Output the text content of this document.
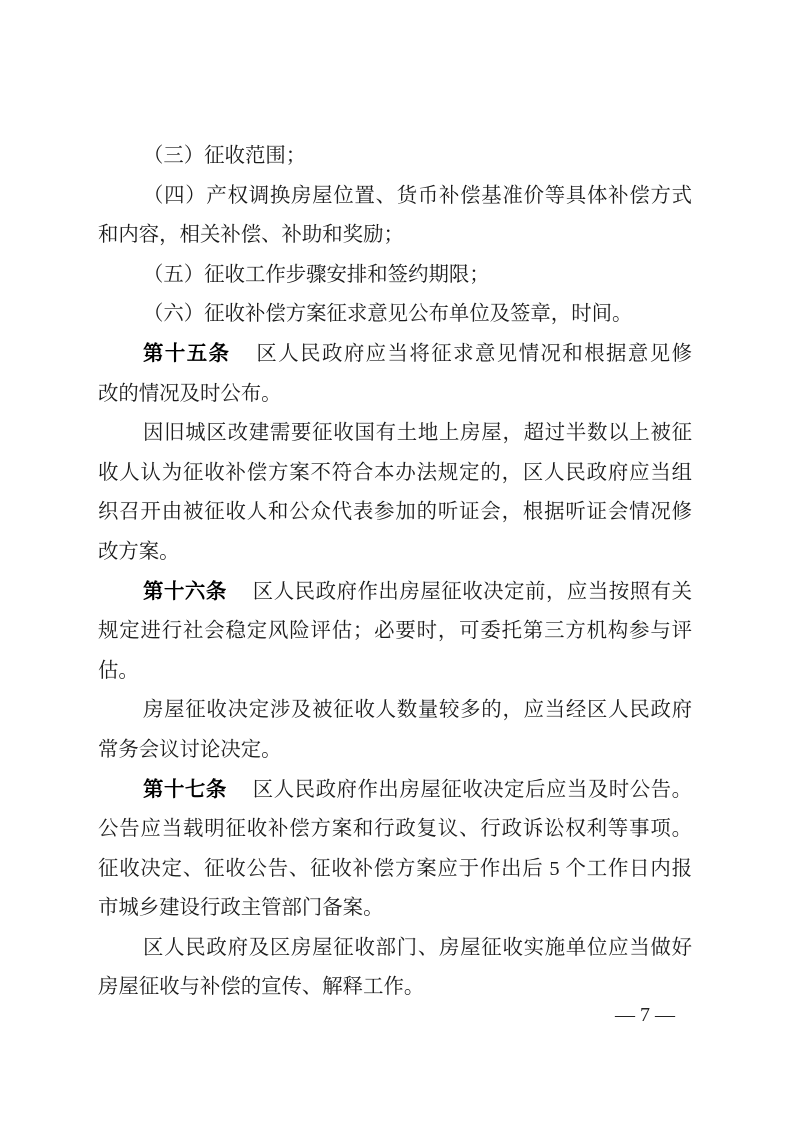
（三）征收范围；
（四）产权调换房屋位置、货币补偿基准价等具体补偿方式
和内容，相关补偿、补助和奖励；
（五）征收工作步骤安排和签约期限；
（六）征收补偿方案征求意见公布单位及签章，时间。
第十五条 区人民政府应当将征求意见情况和根据意见修
改的情况及时公布。
因旧城区改建需要征收国有土地上房屋，超过半数以上被征
收人认为征收补偿方案不符合本办法规定的，区人民政府应当组
织召开由被征收人和公众代表参加的听证会，根据听证会情况修
改方案。
第十六条 区人民政府作出房屋征收决定前，应当按照有关
规定进行社会稳定风险评估；必要时，可委托第三方机构参与评
估。
房屋征收决定涉及被征收人数量较多的，应当经区人民政府
常务会议讨论决定。
第十七条 区人民政府作出房屋征收决定后应当及时公告。
公告应当载明征收补偿方案和行政复议、行政诉讼权利等事项。
征收决定、征收公告、征收补偿方案应于作出后 5 个工作日内报
市城乡建设行政主管部门备案。
区人民政府及区房屋征收部门、房屋征收实施单位应当做好
房屋征收与补偿的宣传、解释工作。
— 7 —
